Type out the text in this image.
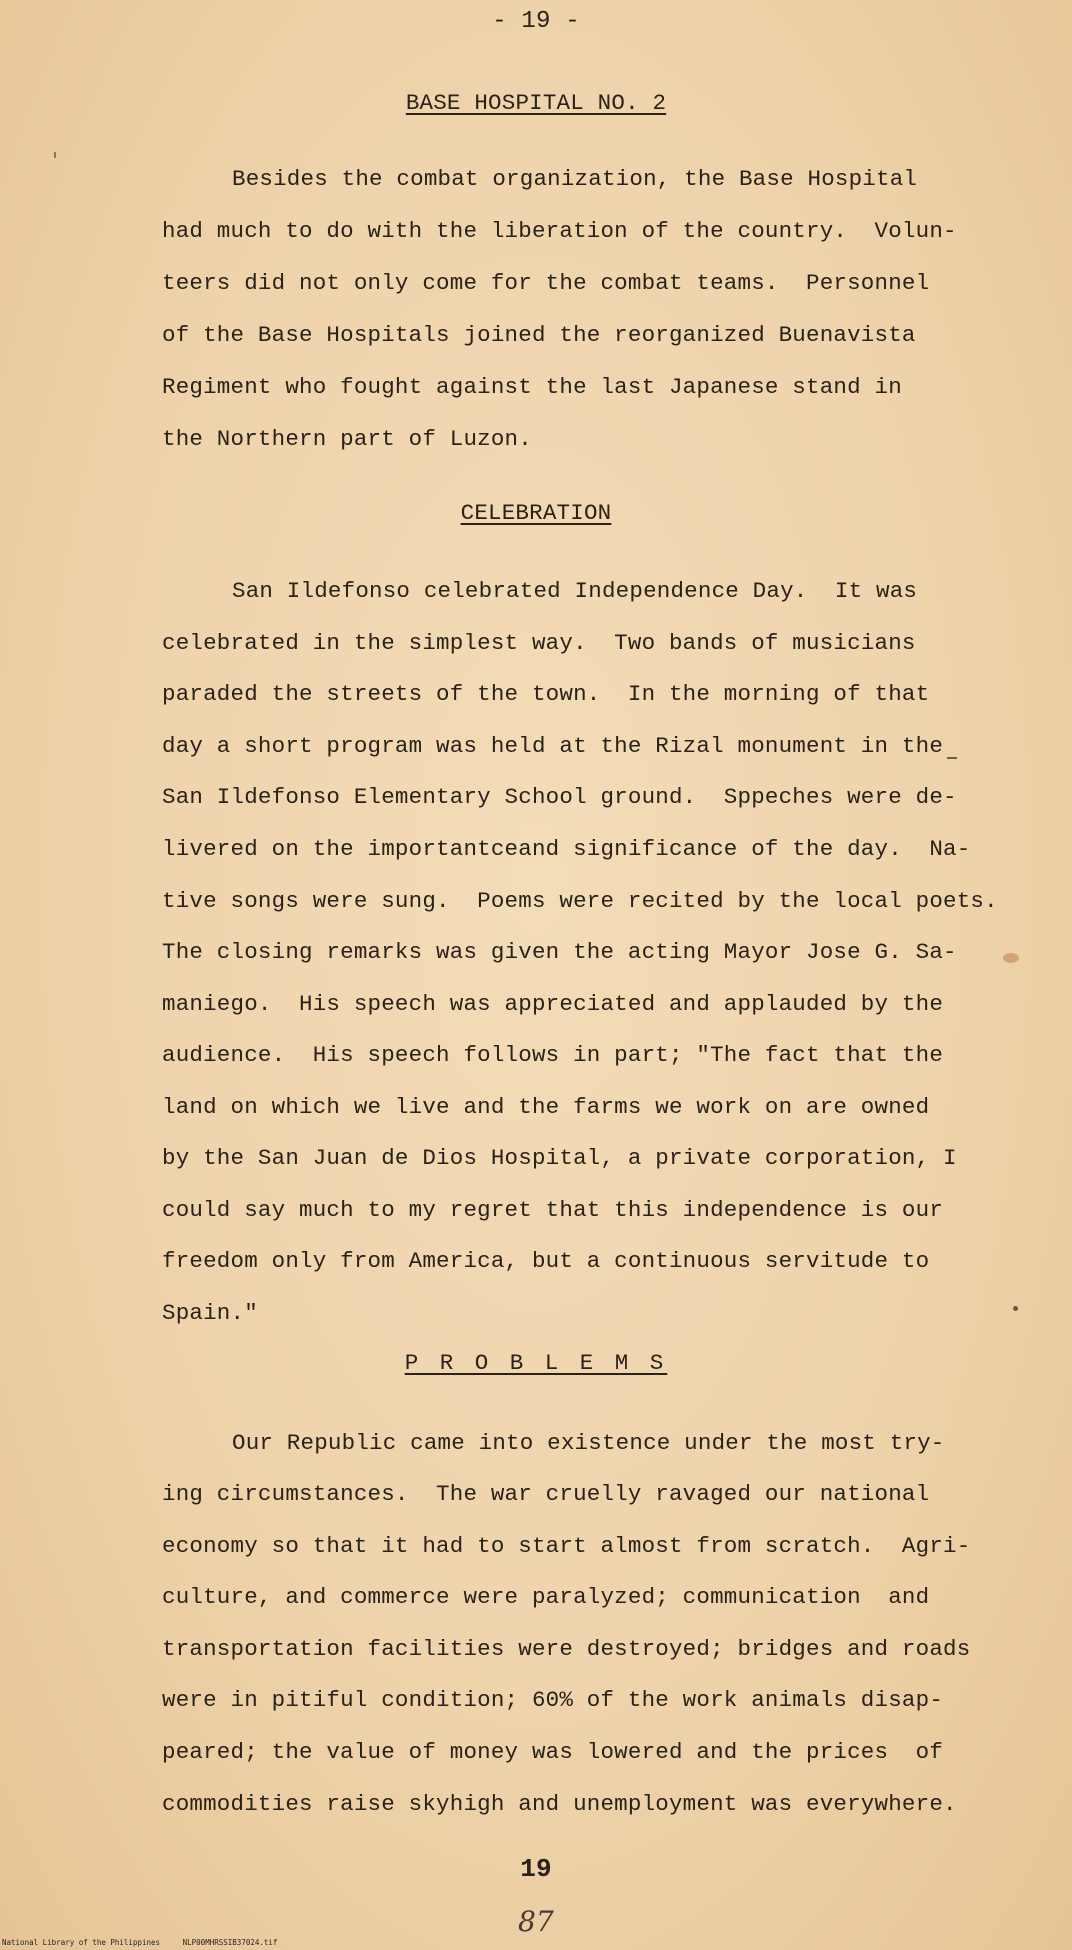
- 19 -
BASE HOSPITAL NO. 2
Besides the combat organization, the Base Hospital
had much to do with the liberation of the country.  Volun-
teers did not only come for the combat teams.  Personnel
of the Base Hospitals joined the reorganized Buenavista
Regiment who fought against the last Japanese stand in
the Northern part of Luzon.
CELEBRATION
San Ildefonso celebrated Independence Day.  It was
celebrated in the simplest way.  Two bands of musicians
paraded the streets of the town.  In the morning of that
day a short program was held at the Rizal monument in the
San Ildefonso Elementary School ground.  Sppeches were de-
livered on the importantceand significance of the day.  Na-
tive songs were sung.  Poems were recited by the local poets.
The closing remarks was given the acting Mayor Jose G. Sa-
maniego.  His speech was appreciated and applauded by the
audience.  His speech follows in part; "The fact that the
land on which we live and the farms we work on are owned
by the San Juan de Dios Hospital, a private corporation, I
could say much to my regret that this independence is our
freedom only from America, but a continuous servitude to
Spain."
P R O B L E M S
Our Republic came into existence under the most try-
ing circumstances.  The war cruelly ravaged our national
economy so that it had to start almost from scratch.  Agri-
culture, and commerce were paralyzed; communication  and
transportation facilities were destroyed; bridges and roads
were in pitiful condition; 60% of the work animals disap-
peared; the value of money was lowered and the prices  of
commodities raise skyhigh and unemployment was everywhere.
19
87
National Library of the Philippines     NLP00MHRSSIB37024.tif
